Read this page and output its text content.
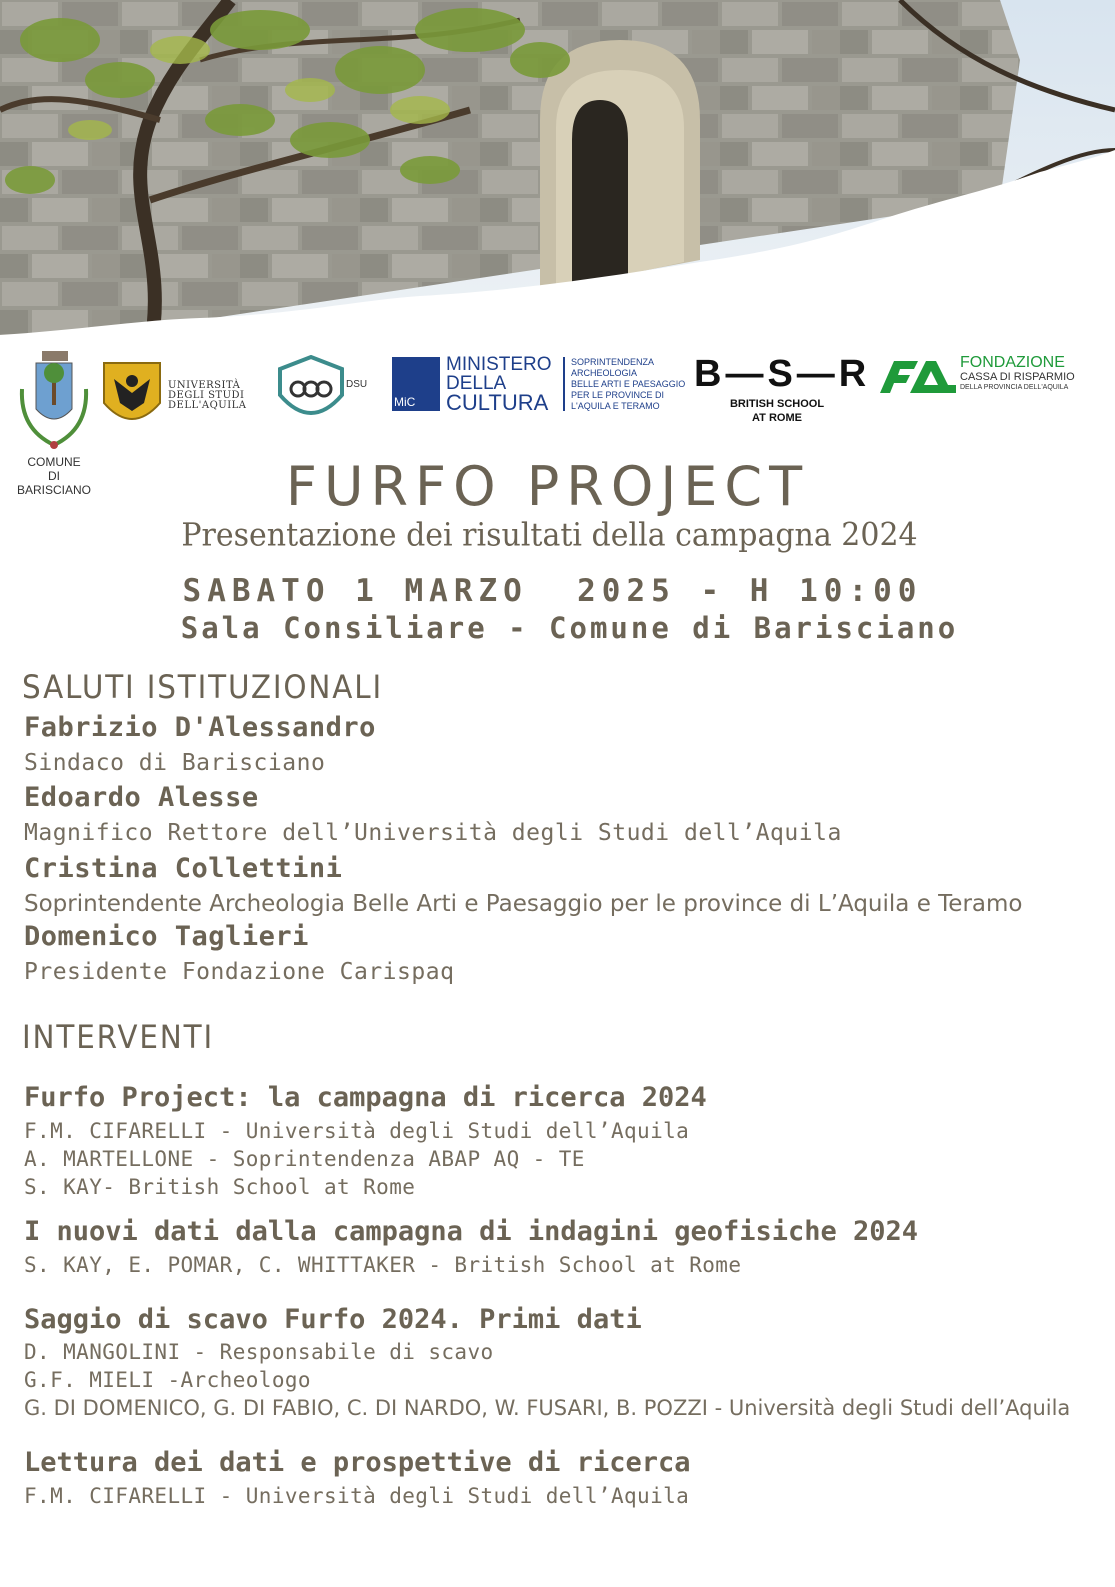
COMUNE
DI BARISCIANO
UNIVERSITÀ
DEGLI STUDI
DELL'AQUILA
DSU
MiC
MINISTERO
DELLA
CULTURA
SOPRINTENDENZA
ARCHEOLOGIA
BELLE ARTI E PAESAGGIO
PER LE PROVINCE DI
L'AQUILA E TERAMO
B—S—R
BRITISH SCHOOL
AT ROME
FONDAZIONE
CASSA DI RISPARMIO
DELLA PROVINCIA DELL'AQUILA
FURFO PROJECT
Presentazione dei risultati della campagna 2024
SABATO 1 MARZO  2025 - H 10:00
Sala Consiliare - Comune di Barisciano
SALUTI ISTITUZIONALI
Fabrizio D'Alessandro
Sindaco di Barisciano
Edoardo Alesse
Magnifico Rettore dell’Università degli Studi dell’Aquila
Cristina Collettini
Soprintendente Archeologia Belle Arti e Paesaggio per le province di L’Aquila e Teramo
Domenico Taglieri
Presidente Fondazione Carispaq
INTERVENTI
Furfo Project: la campagna di ricerca 2024
F.M. CIFARELLI - Università degli Studi dell’Aquila
A. MARTELLONE - Soprintendenza ABAP AQ - TE
S. KAY- British School at Rome
I nuovi dati dalla campagna di indagini geofisiche 2024
S. KAY, E. POMAR, C. WHITTAKER - British School at Rome
Saggio di scavo Furfo 2024. Primi dati
D. MANGOLINI - Responsabile di scavo
G.F. MIELI -Archeologo
G. DI DOMENICO, G. DI FABIO, C. DI NARDO, W. FUSARI, B. POZZI - Università degli Studi dell’Aquila
Lettura dei dati e prospettive di ricerca
F.M. CIFARELLI - Università degli Studi dell’Aquila
